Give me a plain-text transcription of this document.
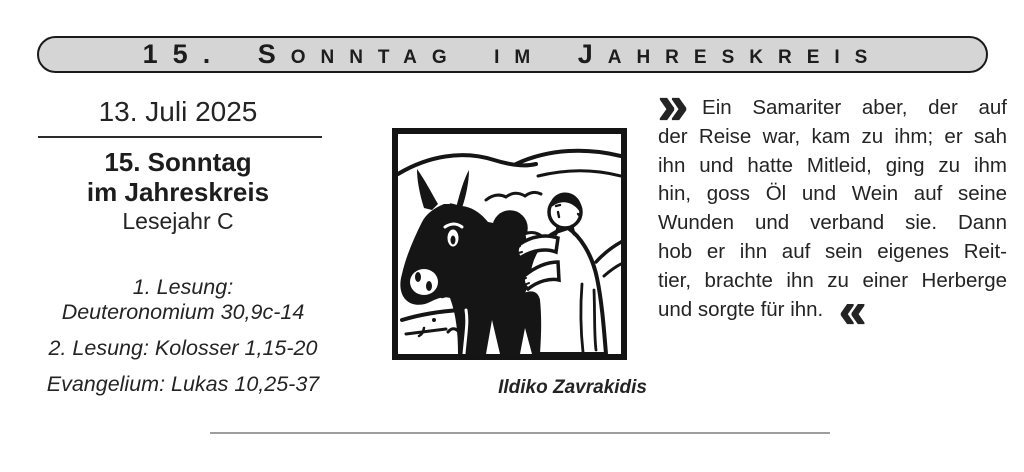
15. Sonntag im Jahreskreis
13. Juli 2025
15. Sonntag
im Jahreskreis
Lesejahr C
1. Lesung:
Deuteronomium 30,9c-14
2. Lesung: Kolosser 1,15-20
Evangelium: Lukas 10,25-37	Ildiko Zavrakidis
» Ein Samariter aber, der auf
der Reise war, kam zu ihm; er sah
ihn und hatte Mitleid, ging zu ihm
hin, goss Öl und Wein auf seine
Wunden und verband sie. Dann
hob er ihn auf sein eigenes Reit-
tier, brachte ihn zu einer Herberge
und sorgte für ihn. «
